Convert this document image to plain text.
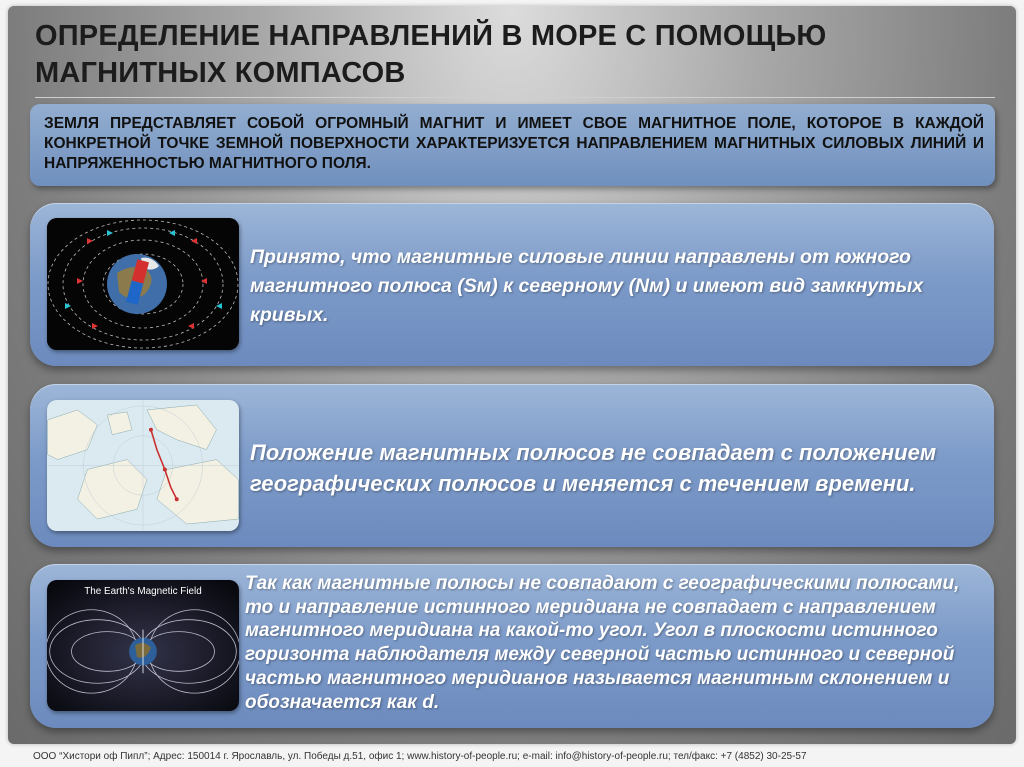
ОПРЕДЕЛЕНИЕ НАПРАВЛЕНИЙ В МОРЕ С ПОМОЩЬЮ МАГНИТНЫХ КОМПАСОВ
ЗЕМЛЯ ПРЕДСТАВЛЯЕТ СОБОЙ ОГРОМНЫЙ МАГНИТ И ИМЕЕТ СВОЕ МАГНИТНОЕ ПОЛЕ, КОТОРОЕ В КАЖДОЙ КОНКРЕТНОЙ ТОЧКЕ ЗЕМНОЙ ПОВЕРХНОСТИ ХАРАКТЕРИЗУЕТСЯ НАПРАВЛЕНИЕМ МАГНИТНЫХ СИЛОВЫХ ЛИНИЙ И НАПРЯЖЕННОСТЬЮ МАГНИТНОГО ПОЛЯ.
The Earth's Magnetic Field
Принято, что магнитные силовые линии направлены от южного магнитного полюса (Sм) к северному (Nм) и имеют вид замкнутых кривых.
Положение магнитных полюсов не совпадает с положением географических полюсов и меняется с течением времени.
Так как магнитные полюсы не совпадают с географическими полюсами, то и направление истинного меридиана не совпадает с направлением магнитного меридиана на какой-то угол. Угол в плоскости истинного горизонта наблюдателя между северной частью истинного и северной частью магнитного меридианов называется магнитным склонением и обозначается как d.
ООО “Хистори оф Пипл”; Адрес: 150014 г. Ярославль, ул. Победы д.51, офис 1; www.history-of-people.ru; e-mail: info@history-of-people.ru; тел/факс: +7 (4852) 30-25-57
